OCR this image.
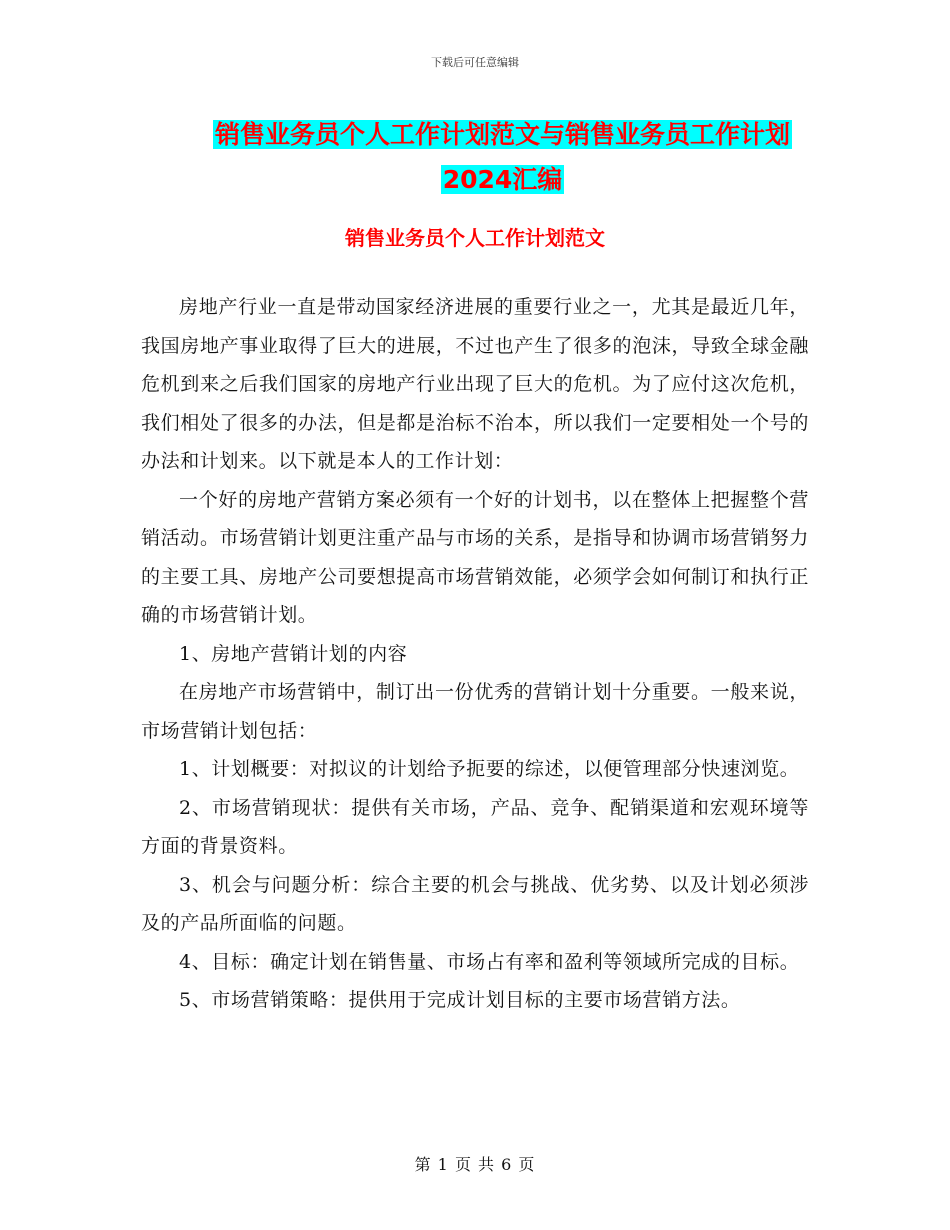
下载后可任意编辑
销售业务员个人工作计划范文与销售业务员工作计划
2024汇编
销售业务员个人工作计划范文

房地产行业一直是带动国家经济进展的重要行业之一，尤其是最近几年，我国房地产事业取得了巨大的进展，不过也产生了很多的泡沫，导致全球金融危机到来之后我们国家的房地产行业出现了巨大的危机。为了应付这次危机，我们相处了很多的办法，但是都是治标不治本，所以我们一定要相处一个号的办法和计划来。以下就是本人的工作计划：

一个好的房地产营销方案必须有一个好的计划书，以在整体上把握整个营销活动。市场营销计划更注重产品与市场的关系，是指导和协调市场营销努力的主要工具、房地产公司要想提高市场营销效能，必须学会如何制订和执行正确的市场营销计划。

1、房地产营销计划的内容

在房地产市场营销中，制订出一份优秀的营销计划十分重要。一般来说，市场营销计划包括：

1、计划概要：对拟议的计划给予扼要的综述，以便管理部分快速浏览。

2、市场营销现状：提供有关市场，产品、竞争、配销渠道和宏观环境等方面的背景资料。

3、机会与问题分析：综合主要的机会与挑战、优劣势、以及计划必须涉及的产品所面临的问题。

4、目标：确定计划在销售量、市场占有率和盈利等领域所完成的目标。

5、市场营销策略：提供用于完成计划目标的主要市场营销方法。

第 1 页 共 6 页
